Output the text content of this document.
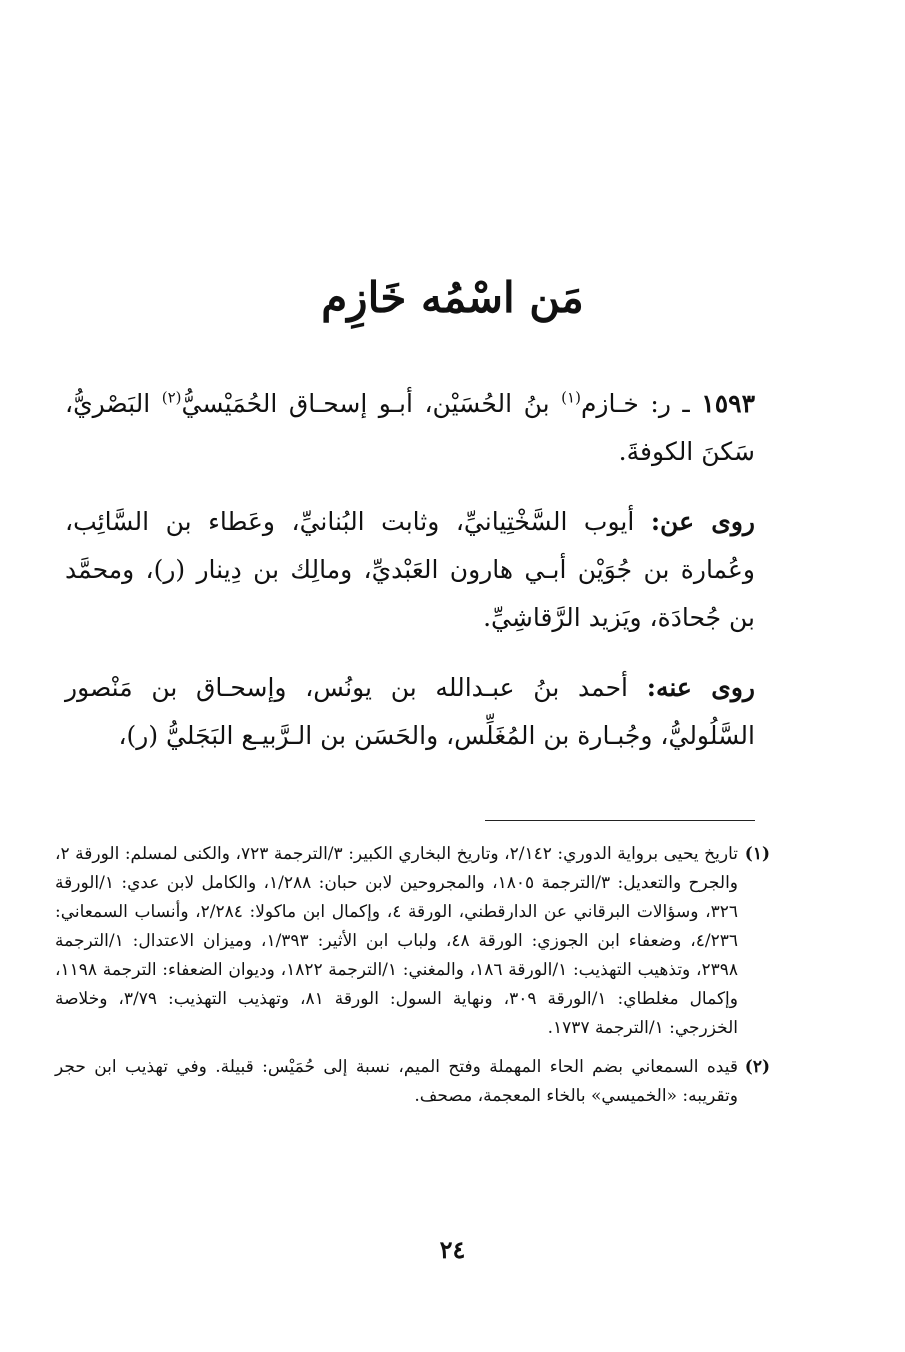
مَن اسْمُه خَازِم

١٥٩٣ ـ ر: خـازم$^{(١)}$ بنُ الحُسَيْن، أبـو إسحـاق الحُمَيْسيُّ$^{(٢)}$ البَصْريُّ، سَكنَ الكوفةَ.

روى عن: أيوب السَّخْتِيانيِّ، وثابت البُنانيِّ، وعَطاء بن السَّائِب، وعُمارة بن جُوَيْن أبـي هارون العَبْديِّ، ومالِك بن دِينار (ر)، ومحمَّد بن جُحادَة، ويَزيد الرَّقاشِيِّ.

روى عنه: أحمد بنُ عبـدالله بن يونُس، وإسحـاق بن مَنْصور السَّلُوليُّ، وجُبـارة بن المُغَلِّس، والحَسَن بن الـرَّبيـع البَجَليُّ (ر)،

(١)
تاريخ يحيى برواية الدوري: ٢/١٤٢، وتاريخ البخاري الكبير: ٣/الترجمة ٧٢٣، والكنى لمسلم: الورقة ٢، والجرح والتعديل: ٣/الترجمة ١٨٠٥، والمجروحين لابن حبان: ١/٢٨٨، والكامل لابن عدي: ١/الورقة ٣٢٦، وسؤالات البرقاني عن الدارقطني، الورقة ٤، وإكمال ابن ماكولا: ٢/٢٨٤، وأنساب السمعاني: ٤/٢٣٦، وضعفاء ابن الجوزي: الورقة ٤٨، ولباب ابن الأثير: ١/٣٩٣، وميزان الاعتدال: ١/الترجمة ٢٣٩٨، وتذهيب التهذيب: ١/الورقة ١٨٦، والمغني: ١/الترجمة ١٨٢٢، وديوان الضعفاء: الترجمة ١١٩٨، وإكمال مغلطاي: ١/الورقة ٣٠٩، ونهاية السول: الورقة ٨١، وتهذيب التهذيب: ٣/٧٩، وخلاصة الخزرجي: ١/الترجمة ١٧٣٧.
(٢)
قيده السمعاني بضم الحاء المهملة وفتح الميم، نسبة إلى حُمَيْس: قبيلة. وفي تهذيب ابن حجر وتقريبه: «الخميسي» بالخاء المعجمة، مصحف.
٢٤
